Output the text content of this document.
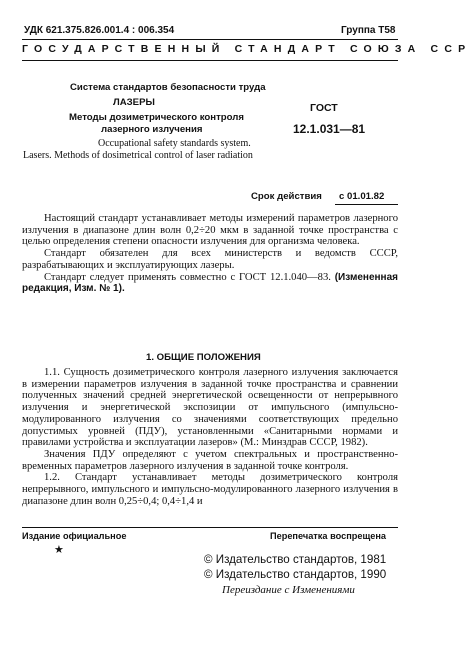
УДК 621.375.826.001.4 : 006.354	Группа Т58
ГОСУДАРСТВЕННЫЙ СТАНДАРТ СОЮЗА ССР
Система стандартов безопасности труда
ЛАЗЕРЫ
Методы дозиметрического контроля
лазерного излучения
Occupational safety standards system.
Lasers. Methods of dosimetrical control of laser radiation
ГОСТ
12.1.031—81
Срок действия с 01.01.82

Настоящий стандарт устанавливает методы измерений параметров лазерного излучения в диапазоне длин волн 0,2÷20 мкм в заданной точке пространства с целью определения степени опасности излучения для организма человека.

Стандарт обязателен для всех министерств и ведомств СССР, разрабатывающих и эксплуатирующих лазеры.

Стандарт следует применять совместно с ГОСТ 12.1.040—83. (Измененная редакция, Изм. № 1).

1. ОБЩИЕ ПОЛОЖЕНИЯ

1.1. Сущность дозиметрического контроля лазерного излучения заключается в измерении параметров излучения в заданной точке пространства и сравнении полученных значений средней энергетической освещенности от непрерывного излучения и энергетической экспозиции от импульсного (импульсно-модулированного излучения со значениями соответствующих предельно допустимых уровней (ПДУ), установленными «Санитарными нормами и правилами устройства и эксплуатации лазеров» (М.: Минздрав СССР, 1982).

Значения ПДУ определяют с учетом спектральных и пространственно-временных параметров лазерного излучения в заданной точке контроля.

1.2. Стандарт устанавливает методы дозиметрического контроля непрерывного, импульсного и импульсно-модулированного лазерного излучения в диапазоне длин волн 0,25÷0,4; 0,4÷1,4 и

Издание официальное
★
Перепечатка воспрещена
© Издательство стандартов, 1981
© Издательство стандартов, 1990
Переиздание с Изменениями
